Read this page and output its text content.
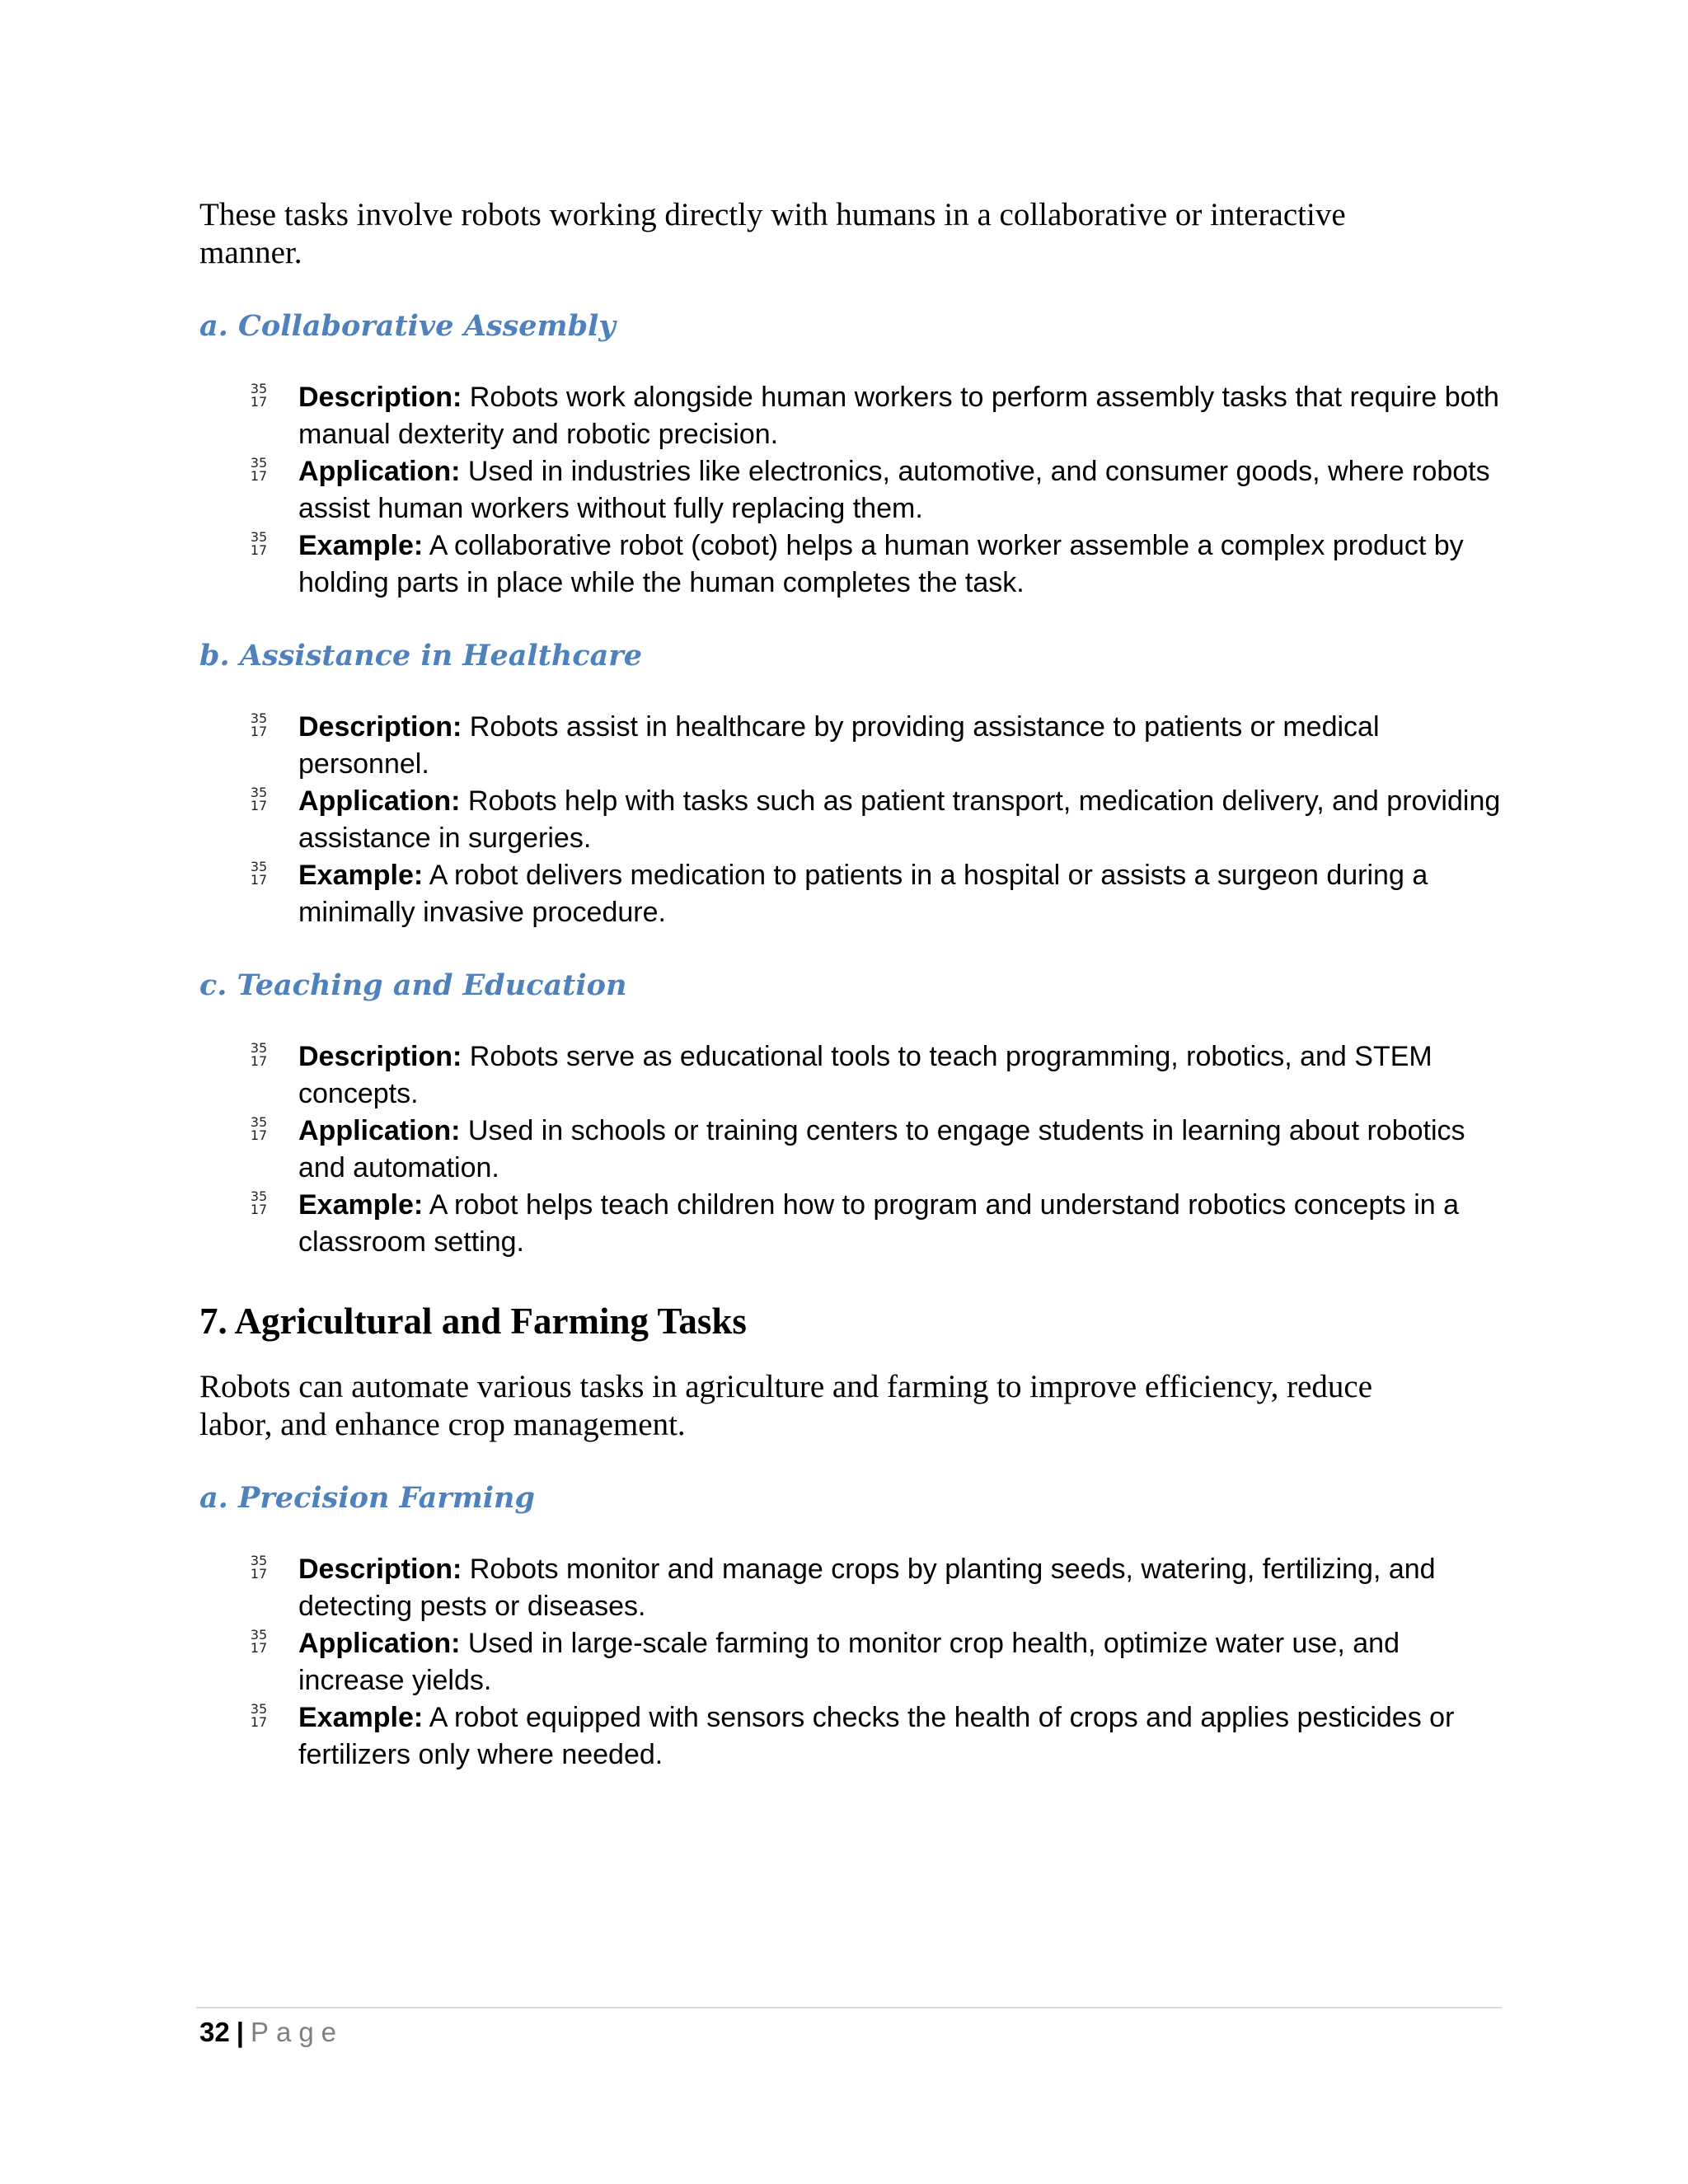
These tasks involve robots working directly with humans in a collaborative or interactive manner.

a. Collaborative Assembly
35
17 Description: Robots work alongside human workers to perform assembly tasks that require both manual dexterity and robotic precision.
35
17 Application: Used in industries like electronics, automotive, and consumer goods, where robots assist human workers without fully replacing them.
35
17 Example: A collaborative robot (cobot) helps a human worker assemble a complex product by holding parts in place while the human completes the task.
b. Assistance in Healthcare
35
17 Description: Robots assist in healthcare by providing assistance to patients or medical personnel.
35
17 Application: Robots help with tasks such as patient transport, medication delivery, and providing assistance in surgeries.
35
17 Example: A robot delivers medication to patients in a hospital or assists a surgeon during a minimally invasive procedure.
c. Teaching and Education
35
17 Description: Robots serve as educational tools to teach programming, robotics, and STEM concepts.
35
17 Application: Used in schools or training centers to engage students in learning about robotics and automation.
35
17 Example: A robot helps teach children how to program and understand robotics concepts in a classroom setting.
7. Agricultural and Farming Tasks

Robots can automate various tasks in agriculture and farming to improve efficiency, reduce labor, and enhance crop management.

a. Precision Farming
35
17 Description: Robots monitor and manage crops by planting seeds, watering, fertilizing, and detecting pests or diseases.
35
17 Application: Used in large-scale farming to monitor crop health, optimize water use, and increase yields.
35
17 Example: A robot equipped with sensors checks the health of crops and applies pesticides or fertilizers only where needed.
32 | Page
